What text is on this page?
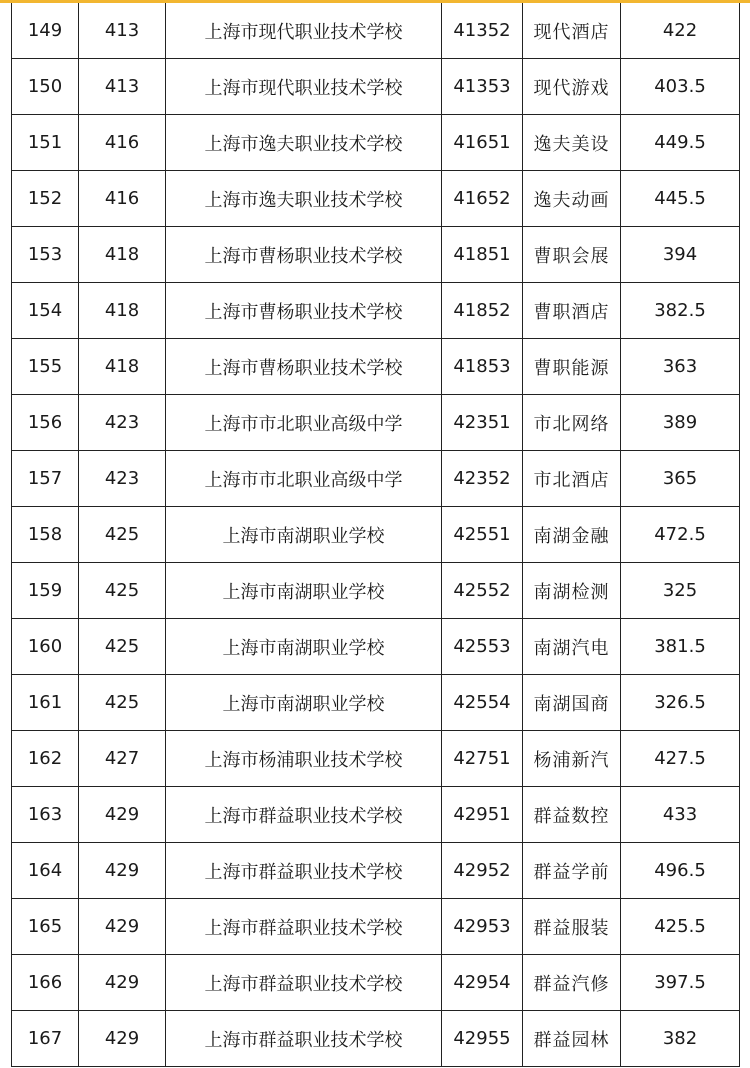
149	413	上海市现代职业技术学校	41352	现代酒店	422
150	413	上海市现代职业技术学校	41353	现代游戏	403.5
151	416	上海市逸夫职业技术学校	41651	逸夫美设	449.5
152	416	上海市逸夫职业技术学校	41652	逸夫动画	445.5
153	418	上海市曹杨职业技术学校	41851	曹职会展	394
154	418	上海市曹杨职业技术学校	41852	曹职酒店	382.5
155	418	上海市曹杨职业技术学校	41853	曹职能源	363
156	423	上海市市北职业高级中学	42351	市北网络	389
157	423	上海市市北职业高级中学	42352	市北酒店	365
158	425	上海市南湖职业学校	42551	南湖金融	472.5
159	425	上海市南湖职业学校	42552	南湖检测	325
160	425	上海市南湖职业学校	42553	南湖汽电	381.5
161	425	上海市南湖职业学校	42554	南湖国商	326.5
162	427	上海市杨浦职业技术学校	42751	杨浦新汽	427.5
163	429	上海市群益职业技术学校	42951	群益数控	433
164	429	上海市群益职业技术学校	42952	群益学前	496.5
165	429	上海市群益职业技术学校	42953	群益服装	425.5
166	429	上海市群益职业技术学校	42954	群益汽修	397.5
167	429	上海市群益职业技术学校	42955	群益园林	382
